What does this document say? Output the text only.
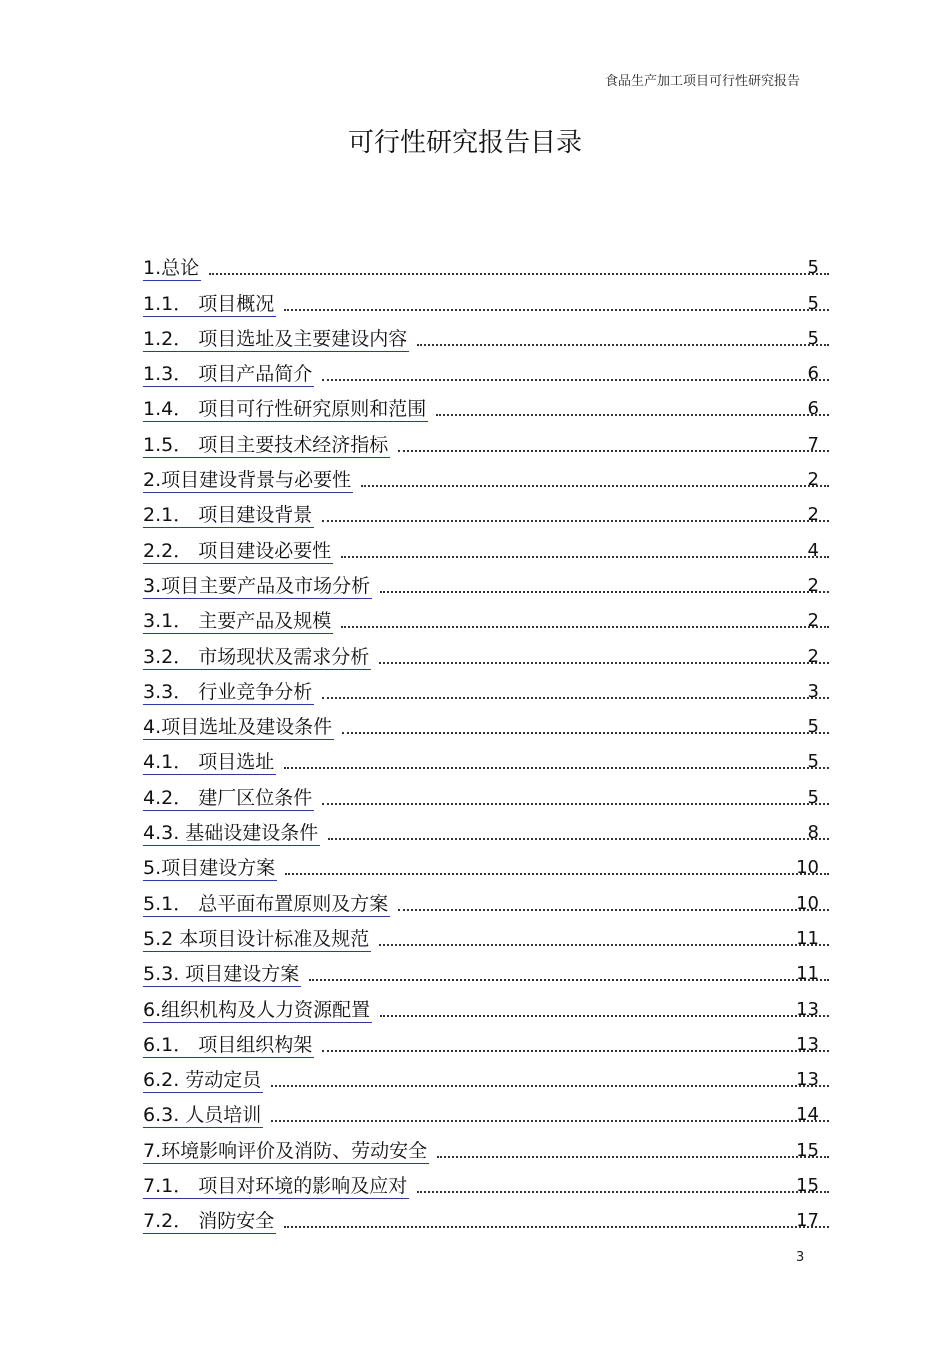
食品生产加工项目可行性研究报告
可行性研究报告目录
1.总论	5
1.1． 项目概况	5
1.2． 项目选址及主要建设内容	5
1.3． 项目产品简介	6
1.4． 项目可行性研究原则和范围	6
1.5． 项目主要技术经济指标	7
2.项目建设背景与必要性	2
2.1． 项目建设背景	2
2.2． 项目建设必要性	4
3.项目主要产品及市场分析	2
3.1． 主要产品及规模	2
3.2． 市场现状及需求分析	2
3.3． 行业竞争分析	3
4.项目选址及建设条件	5
4.1． 项目选址	5
4.2． 建厂区位条件	5
4.3. 基础设建设条件	8
5.项目建设方案	10
5.1． 总平面布置原则及方案	10
5.2 本项目设计标准及规范	11
5.3. 项目建设方案	11
6.组织机构及人力资源配置	13
6.1． 项目组织构架	13
6.2. 劳动定员	13
6.3. 人员培训	14
7.环境影响评价及消防、劳动安全	15
7.1． 项目对环境的影响及应对	15
7.2． 消防安全	17
3
